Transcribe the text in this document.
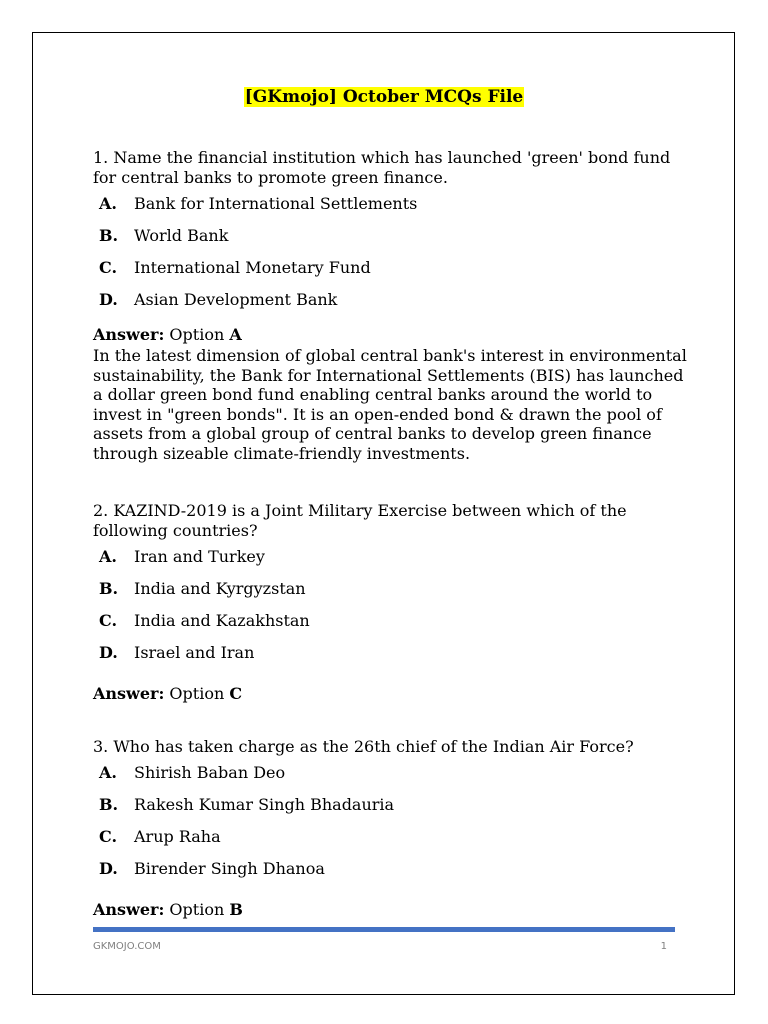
[GKmojo] October MCQs File

1. Name the financial institution which has launched 'green' bond fund for central banks to promote green finance.

A.	Bank for International Settlements
B. World Bank
C.	International Monetary Fund
D.	Asian Development Bank
Answer: Option A

In the latest dimension of global central bank's interest in environmental sustainability, the Bank for International Settlements (BIS) has launched a dollar green bond fund enabling central banks around the world to invest in "green bonds". It is an open-ended bond & drawn the pool of assets from a global group of central banks to develop green finance through sizeable climate-friendly investments.

2. KAZIND-2019 is a Joint Military Exercise between which of the following countries?

A.	Iran and Turkey
B. India and Kyrgyzstan
C.	India and Kazakhstan
D.	Israel and Iran
Answer: Option C

3. Who has taken charge as the 26th chief of the Indian Air Force?

A.	Shirish Baban Deo
B. Rakesh Kumar Singh Bhadauria
C.	Arup Raha
D.	Birender Singh Dhanoa
Answer: Option B
GKMOJO.COM	1
